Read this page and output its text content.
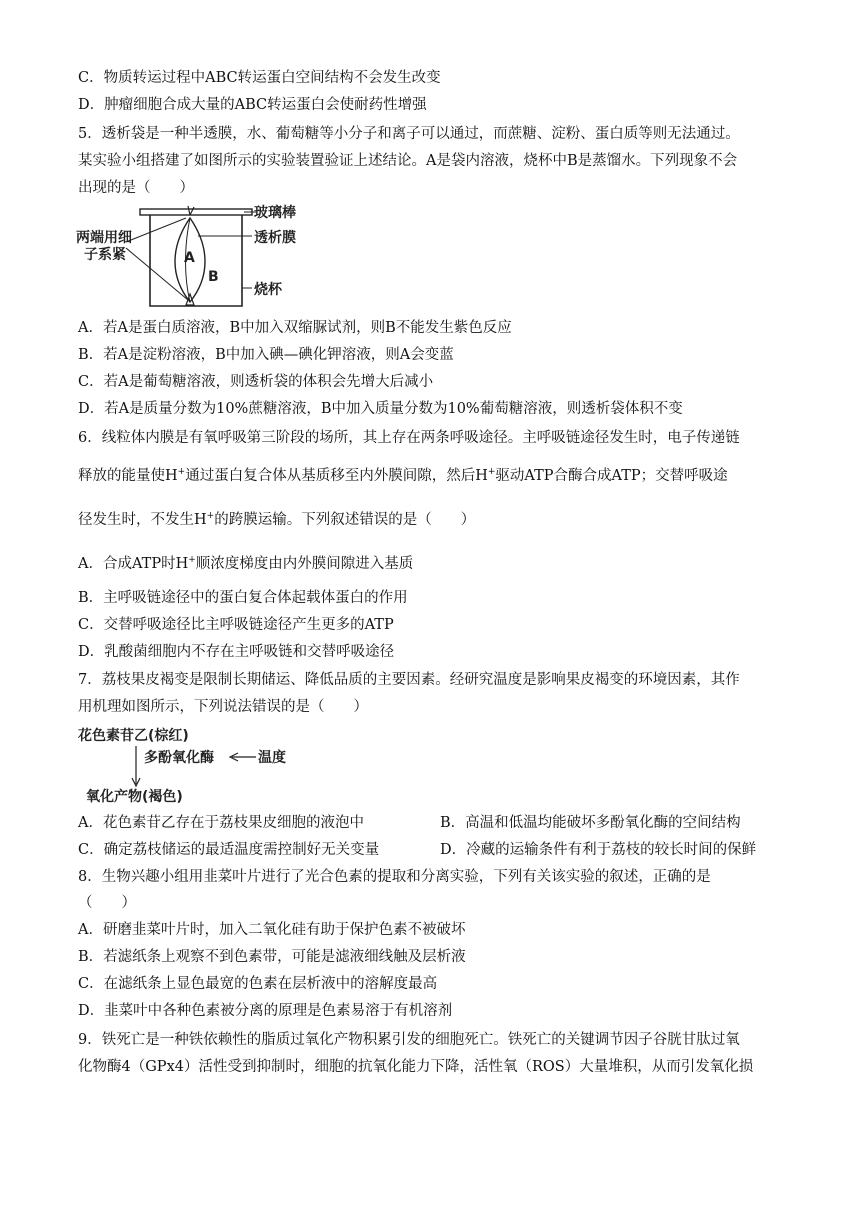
C．物质转运过程中ABC转运蛋白空间结构不会发生改变
D．肿瘤细胞合成大量的ABC转运蛋白会使耐药性增强
5．透析袋是一种半透膜，水、葡萄糖等小分子和离子可以通过，而蔗糖、淀粉、蛋白质等则无法通过。
某实验小组搭建了如图所示的实验装置验证上述结论。A是袋内溶液，烧杯中B是蒸馏水。下列现象不会
出现的是（　　）
玻璃棒
透析膜
烧杯
两端用细
子系紧	A
B
A．若A是蛋白质溶液，B中加入双缩脲试剂，则B不能发生紫色反应
B．若A是淀粉溶液，B中加入碘—碘化钾溶液，则A会变蓝
C．若A是葡萄糖溶液，则透析袋的体积会先增大后减小
D．若A是质量分数为10%蔗糖溶液，B中加入质量分数为10%葡萄糖溶液，则透析袋体积不变
6．线粒体内膜是有氧呼吸第三阶段的场所，其上存在两条呼吸途径。主呼吸链途径发生时，电子传递链
释放的能量使H+通过蛋白复合体从基质移至内外膜间隙，然后H+驱动ATP合酶合成ATP；交替呼吸途
径发生时，不发生H+的跨膜运输。下列叙述错误的是（　　）
A．合成ATP时H+顺浓度梯度由内外膜间隙进入基质
B．主呼吸链途径中的蛋白复合体起载体蛋白的作用
C．交替呼吸途径比主呼吸链途径产生更多的ATP
D．乳酸菌细胞内不存在主呼吸链和交替呼吸途径
7．荔枝果皮褐变是限制长期储运、降低品质的主要因素。经研究温度是影响果皮褐变的环境因素，其作
用机理如图所示，下列说法错误的是（　　）
花色素苷乙(棕红)
多酚氧化酶	温度
氧化产物(褐色)
A．花色素苷乙存在于荔枝果皮细胞的液泡中	B．高温和低温均能破坏多酚氧化酶的空间结构
C．确定荔枝储运的最适温度需控制好无关变量	D．冷藏的运输条件有利于荔枝的较长时间的保鲜
8．生物兴趣小组用韭菜叶片进行了光合色素的提取和分离实验，下列有关该实验的叙述，正确的是
（　　）
A．研磨韭菜叶片时，加入二氧化硅有助于保护色素不被破坏
B．若滤纸条上观察不到色素带，可能是滤液细线触及层析液
C．在滤纸条上显色最宽的色素在层析液中的溶解度最高
D．韭菜叶中各种色素被分离的原理是色素易溶于有机溶剂
9．铁死亡是一种铁依赖性的脂质过氧化产物积累引发的细胞死亡。铁死亡的关键调节因子谷胱甘肽过氧
化物酶4（GPx4）活性受到抑制时，细胞的抗氧化能力下降，活性氧（ROS）大量堆积，从而引发氧化损
